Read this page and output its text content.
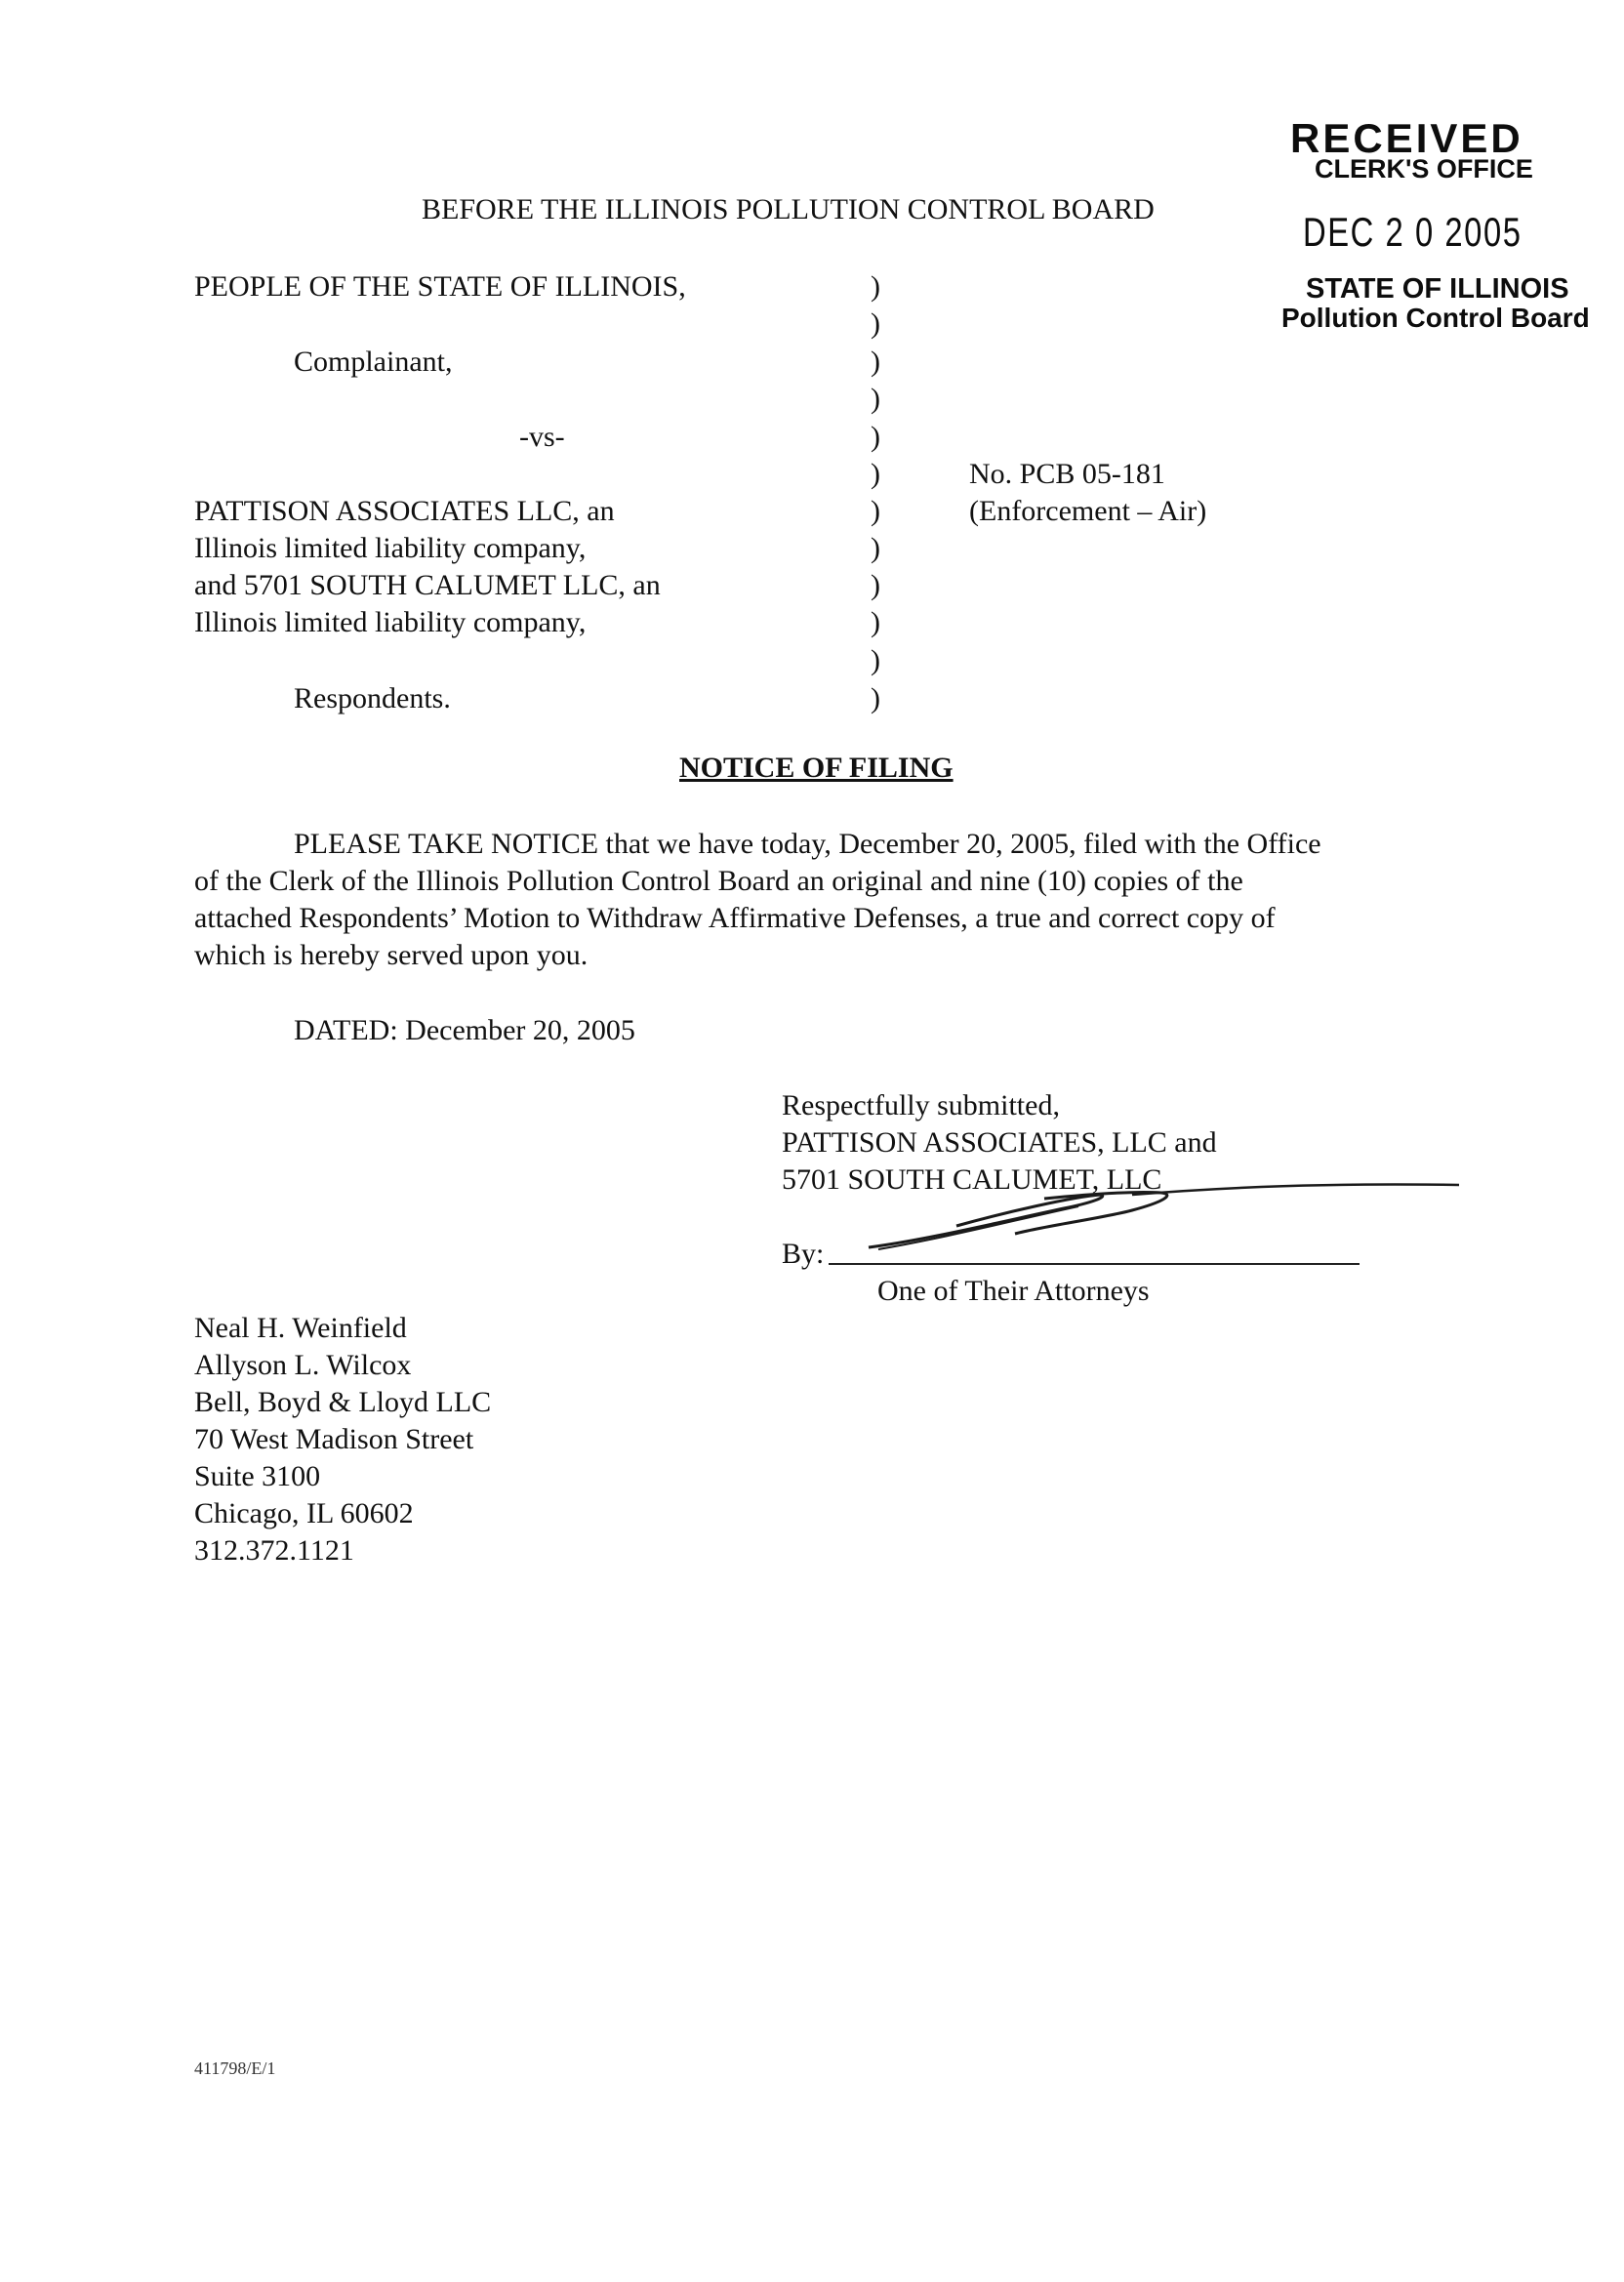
RECEIVED
CLERK'S OFFICE
DEC 2 0 2005
STATE OF ILLINOIS
Pollution Control Board
BEFORE THE ILLINOIS POLLUTION CONTROL BOARD
PEOPLE OF THE STATE OF ILLINOIS,
Complainant,
-vs-
PATTISON ASSOCIATES LLC, an
Illinois limited liability company,
and 5701 SOUTH CALUMET LLC, an
Illinois limited liability company,
Respondents.
No. PCB 05-181
(Enforcement – Air)
)
)
)
)
)
)
)
)
)
)
)
)
NOTICE OF FILING
PLEASE TAKE NOTICE that we have today, December 20, 2005, filed with the Office
of the Clerk of the Illinois Pollution Control Board an original and nine (10) copies of the
attached Respondents’ Motion to Withdraw Affirmative Defenses, a true and correct copy of
which is hereby served upon you.
DATED: December 20, 2005
Respectfully submitted,
PATTISON ASSOCIATES, LLC and
5701 SOUTH CALUMET, LLC
By:
One of Their Attorneys
Neal H. Weinfield
Allyson L. Wilcox
Bell, Boyd & Lloyd LLC
70 West Madison Street
Suite 3100
Chicago, IL 60602
312.372.1121
411798/E/1
